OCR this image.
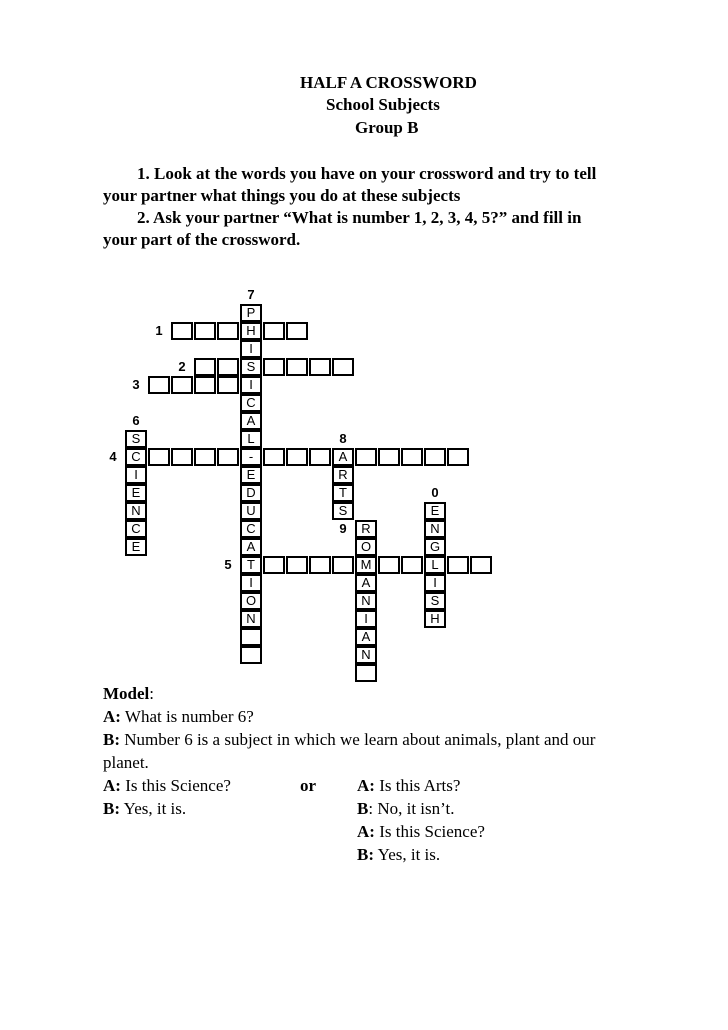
HALF A CROSSWORD
School Subjects
Group B
1. Look at the words you have on your crossword and try to tell
your partner what things you do at these subjects
2. Ask your partner “What is number 1, 2, 3, 4, 5?” and fill in
your part of the crossword.
H
S
I
C	-	A
T	M	L
S
I
E
N
C
E
P
I
C
A
L
E
D
U
C
A
I
O
N
R
T
S
R
O
A
N
I
A
N
E
N
G
I
S
H
1
2
3
4
5
6
7
8
9
0
Model:
A: What is number 6?
B: Number 6 is a subject in which we learn about animals, plant and our
planet.
A: Is this Science?	or A: Is this Arts?
B: Yes, it is.	B: No, it isn’t.
A: Is this Science?
B: Yes, it is.
